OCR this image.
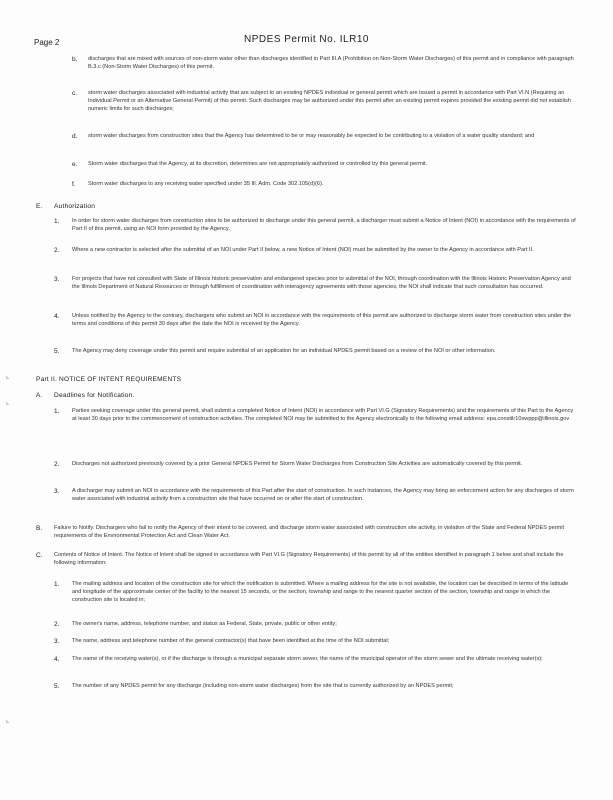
Page 2	NPDES Permit No. ILR10
b. discharges that are mixed with sources of non-storm water other than discharges identified in Part III.A (Prohibition on Non-Storm Water Discharges) of this permit and in compliance with paragraph B.3.c (Non-Storm Water Discharges) of this permit.
c. storm water discharges associated with industrial activity that are subject to an existing NPDES individual or general permit which are issued a permit in accordance with Part VI.N (Requiring an Individual Permit or an Alternative General Permit) of this permit. Such discharges may be authorized under this permit after an existing permit expires provided the existing permit did not establish numeric limits for such discharges;
d. storm water discharges from construction sites that the Agency has determined to be or may reasonably be expected to be contributing to a violation of a water quality standard; and
e. Storm water discharges that the Agency, at its discretion, determines are not appropriately authorized or controlled by this general permit.
f. Storm water discharges to any receiving water specified under 35 Ill. Adm. Code 302.105(d)(6).
E. Authorization
1. In order for storm water discharges from construction sites to be authorized to discharge under this general permit, a discharger must submit a Notice of Intent (NOI) in accordance with the requirements of Part II of this permit, using an NOI form provided by the Agency.
2. Where a new contractor is selected after the submittal of an NOI under Part II below, a new Notice of Intent (NOI) must be submitted by the owner to the Agency in accordance with Part II.
3. For projects that have not consulted with State of Illinois historic preservation and endangered species prior to submittal of the NOI, through coordination with the Illinois Historic Preservation Agency and the Illinois Department of Natural Resources or through fulfillment of coordination with interagency agreements with those agencies, the NOI shall indicate that such consultation has occurred.
4. Unless notified by the Agency to the contrary, dischargers who submit an NOI in accordance with the requirements of this permit are authorized to discharge storm water from construction sites under the terms and conditions of this permit 30 days after the date the NOI is received by the Agency.
5. The Agency may deny coverage under this permit and require submittal of an application for an individual NPDES permit based on a review of the NOI or other information.
Part II. NOTICE OF INTENT REQUIREMENTS
A. Deadlines for Notification.
1. Parties seeking coverage under this general permit, shall submit a completed Notice of Intent (NOI) in accordance with Part VI.G (Signatory Requirements) and the requirements of this Part to the Agency at least 30 days prior to the commencement of construction activities. The completed NOI may be submitted to the Agency electronically to the following email address: epa.constilr10swppp@illinois.gov
2. Discharges not authorized previously covered by a prior General NPDES Permit for Storm Water Discharges from Construction Site Activities are automatically covered by this permit.
3. A discharger may submit an NOI in accordance with the requirements of this Part after the start of construction. In such instances, the Agency may bring an enforcement action for any discharges of storm water associated with industrial activity from a construction site that have occurred on or after the start of construction.
B. Failure to Notify. Dischargers who fail to notify the Agency of their intent to be covered, and discharge storm water associated with construction site activity, in violation of the State and Federal NPDES permit requirements of the Environmental Protection Act and Clean Water Act.
C. Contents of Notice of Intent. The Notice of Intent shall be signed in accordance with Part VI.G (Signatory Requirements) of this permit by all of the entities identified in paragraph 1 below and shall include the following information:
1. The mailing address and location of the construction site for which the notification is submitted. Where a mailing address for the site is not available, the location can be described in terms of the latitude and longitude of the approximate center of the facility to the nearest 15 seconds, or the section, township and range to the nearest quarter section of the section, township and range in which the construction site is located in;
2. The owner's name, address, telephone number, and status as Federal, State, private, public or other entity;
3. The name, address and telephone number of the general contractor(s) that have been identified at the time of the NOI submittal;
4. The name of the receiving water(s), or if the discharge is through a municipal separate storm sewer, the name of the municipal operator of the storm sewer and the ultimate receiving water(s);
5. The number of any NPDES permit for any discharge (including non-storm water discharges) from the site that is currently authorized by an NPDES permit;
⌞
⌞
⌞
